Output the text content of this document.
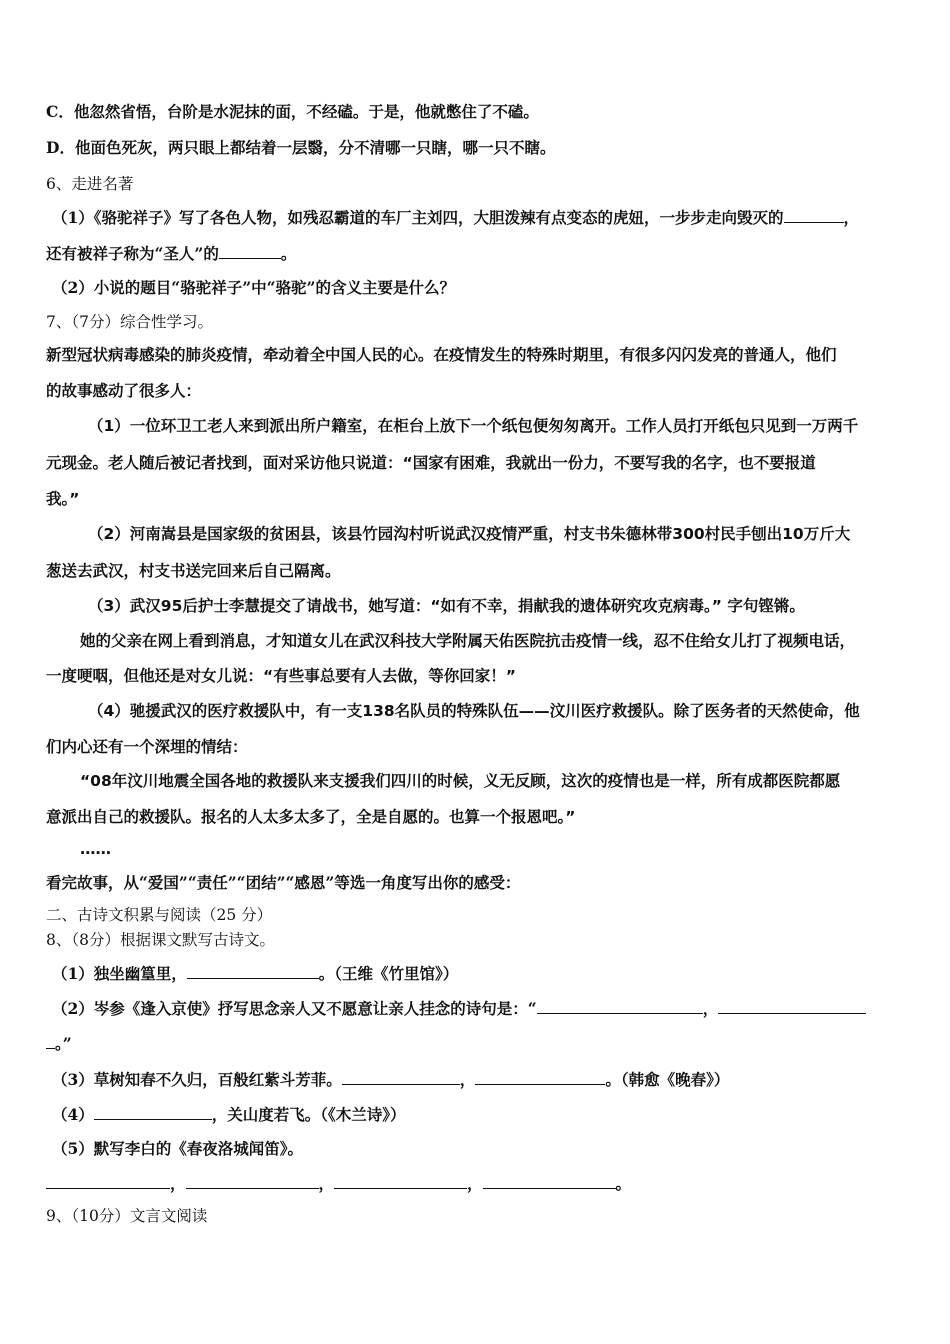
C．他忽然省悟，台阶是水泥抹的面，不经磕。于是，他就憋住了不磕。
D．他面色死灰，两只眼上都结着一层翳，分不清哪一只瞎，哪一只不瞎。
6、走进名著
（1）《骆驼祥子》写了各色人物，如残忍霸道的车厂主刘四，大胆泼辣有点变态的虎妞，一步步走向毁灭的	，
还有被祥子称为“圣人”的	。
（2）小说的题目“骆驼祥子”中“骆驼”的含义主要是什么？
7、（7分）综合性学习。
新型冠状病毒感染的肺炎疫情，牵动着全中国人民的心。在疫情发生的特殊时期里，有很多闪闪发亮的普通人，他们
的故事感动了很多人：
（1）一位环卫工老人来到派出所户籍室，在柜台上放下一个纸包便匆匆离开。工作人员打开纸包只见到一万两千
元现金。老人随后被记者找到，面对采访他只说道：“国家有困难，我就出一份力，不要写我的名字，也不要报道
我。”
（2）河南嵩县是国家级的贫困县，该县竹园沟村听说武汉疫情严重，村支书朱德林带300村民手刨出10万斤大
葱送去武汉，村支书送完回来后自己隔离。
（3）武汉95后护士李慧提交了请战书，她写道：“如有不幸，捐献我的遗体研究攻克病毒。” 字句铿锵。
她的父亲在网上看到消息，才知道女儿在武汉科技大学附属天佑医院抗击疫情一线，忍不住给女儿打了视频电话，
一度哽咽，但他还是对女儿说：“有些事总要有人去做，等你回家！”
（4）驰援武汉的医疗救援队中，有一支138名队员的特殊队伍——汶川医疗救援队。除了医务者的天然使命，他
们内心还有一个深埋的情结：
“08年汶川地震全国各地的救援队来支援我们四川的时候，义无反顾，这次的疫情也是一样，所有成都医院都愿
意派出自己的救援队。报名的人太多太多了，全是自愿的。也算一个报恩吧。”
……
看完故事，从“爱国”“责任”“团结”“感恩”等选一角度写出你的感受：
二、古诗文积累与阅读（25 分）
8、（8分）根据课文默写古诗文。
（1）独坐幽篁里，	。（王维《竹里馆》）
（2）岑参《逢入京使》抒写思念亲人又不愿意让亲人挂念的诗句是：“	，
。”
（3）草树知春不久归，百般红紫斗芳菲。	，	。（韩愈《晚春》）
（4）	，关山度若飞。（《木兰诗》）
（5）默写李白的《春夜洛城闻笛》。
，	，	，	。
9、（10分）文言文阅读
